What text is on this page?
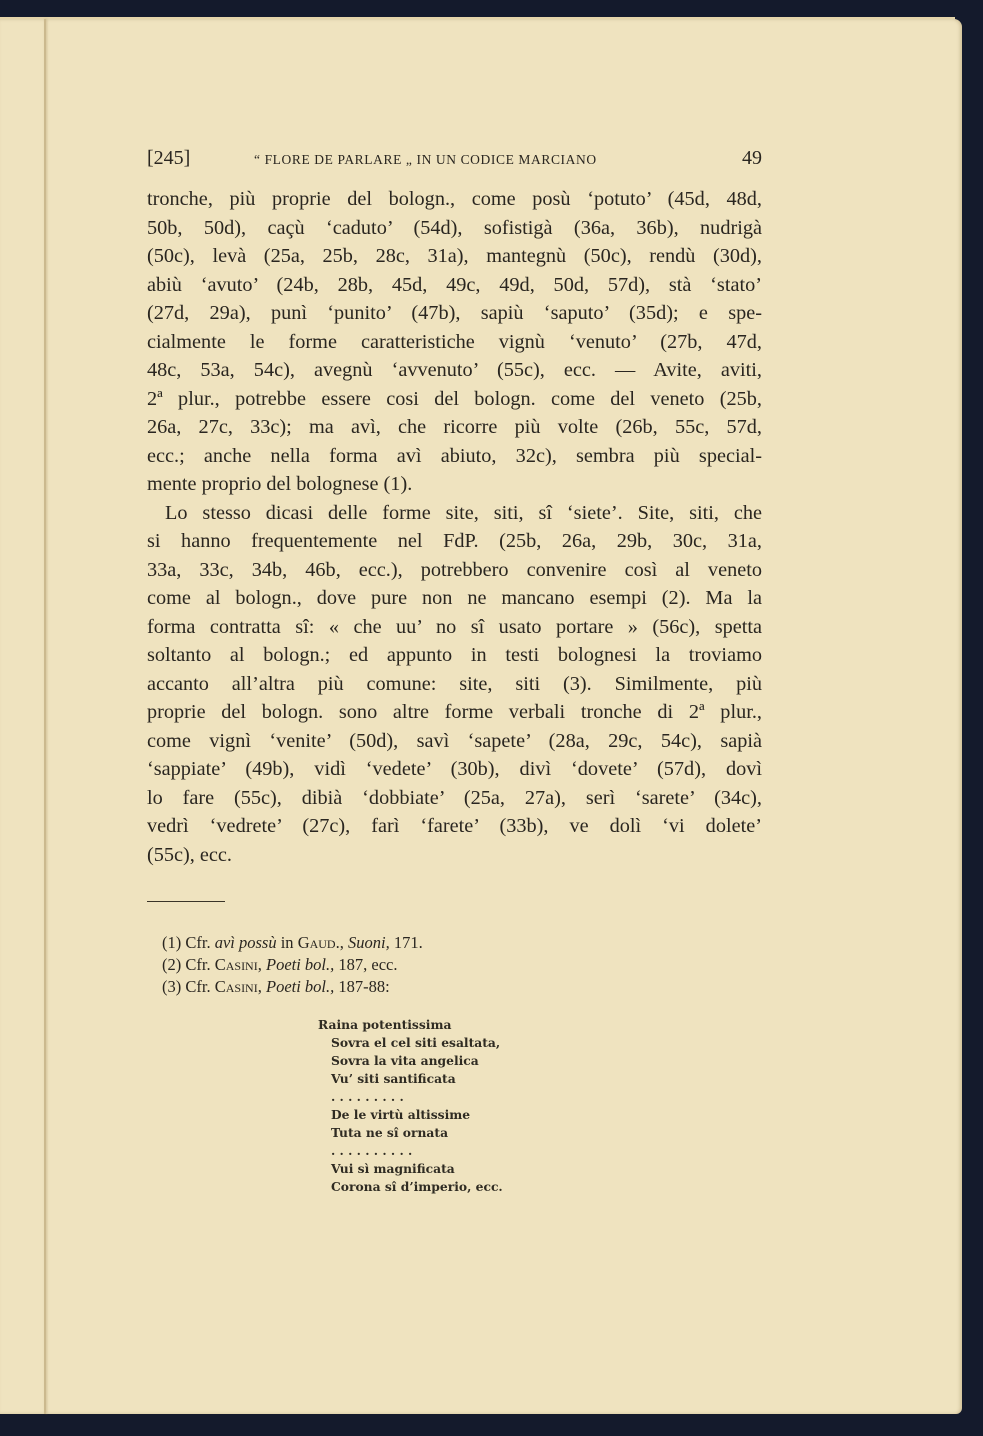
[245]	“ FLORE DE PARLARE „ IN UN CODICE MARCIANO	49
tronche, più proprie del bologn., come posù ‘potuto’ (45d, 48d,
50b, 50d), caçù ‘caduto’ (54d), sofistigà (36a, 36b), nudrigà
(50c), levà (25a, 25b, 28c, 31a), mantegnù (50c), rendù (30d),
abiù ‘avuto’ (24b, 28b, 45d, 49c, 49d, 50d, 57d), stà ‘stato’
(27d, 29a), punì ‘punito’ (47b), sapiù ‘saputo’ (35d); e spe-
cialmente le forme caratteristiche vignù ‘venuto’ (27b, 47d,
48c, 53a, 54c), avegnù ‘avvenuto’ (55c), ecc. — Avite, aviti,
2ª plur., potrebbe essere cosi del bologn. come del veneto (25b,
26a, 27c, 33c); ma avì, che ricorre più volte (26b, 55c, 57d,
ecc.; anche nella forma avì abiuto, 32c), sembra più special-
mente proprio del bolognese (1).
Lo stesso dicasi delle forme site, siti, sî ‘siete’. Site, siti, che
si hanno frequentemente nel FdP. (25b, 26a, 29b, 30c, 31a,
33a, 33c, 34b, 46b, ecc.), potrebbero convenire così al veneto
come al bologn., dove pure non ne mancano esempi (2). Ma la
forma contratta sî: « che uu’ no sî usato portare » (56c), spetta
soltanto al bologn.; ed appunto in testi bolognesi la troviamo
accanto all’altra più comune: site, siti (3). Similmente, più
proprie del bologn. sono altre forme verbali tronche di 2ª plur.,
come vignì ‘venite’ (50d), savì ‘sapete’ (28a, 29c, 54c), sapià
‘sappiate’ (49b), vidì ‘vedete’ (30b), divì ‘dovete’ (57d), dovì
lo fare (55c), dibià ‘dobbiate’ (25a, 27a), serì ‘sarete’ (34c),
vedrì ‘vedrete’ (27c), farì ‘farete’ (33b), ve dolì ‘vi dolete’
(55c), ecc.
(1) Cfr. avì possù in Gaud., Suoni, 171.
(2) Cfr. Casini, Poeti bol., 187, ecc.
(3) Cfr. Casini, Poeti bol., 187-88:
Raina potentissima
Sovra el cel siti esaltata,
Sovra la vita angelica
Vu’ siti santificata
. . . . . . . . .
De le virtù altissime
Tuta ne sî ornata
. . . . . . . . . .
Vui sì magnificata
Corona sî d’imperio, ecc.
